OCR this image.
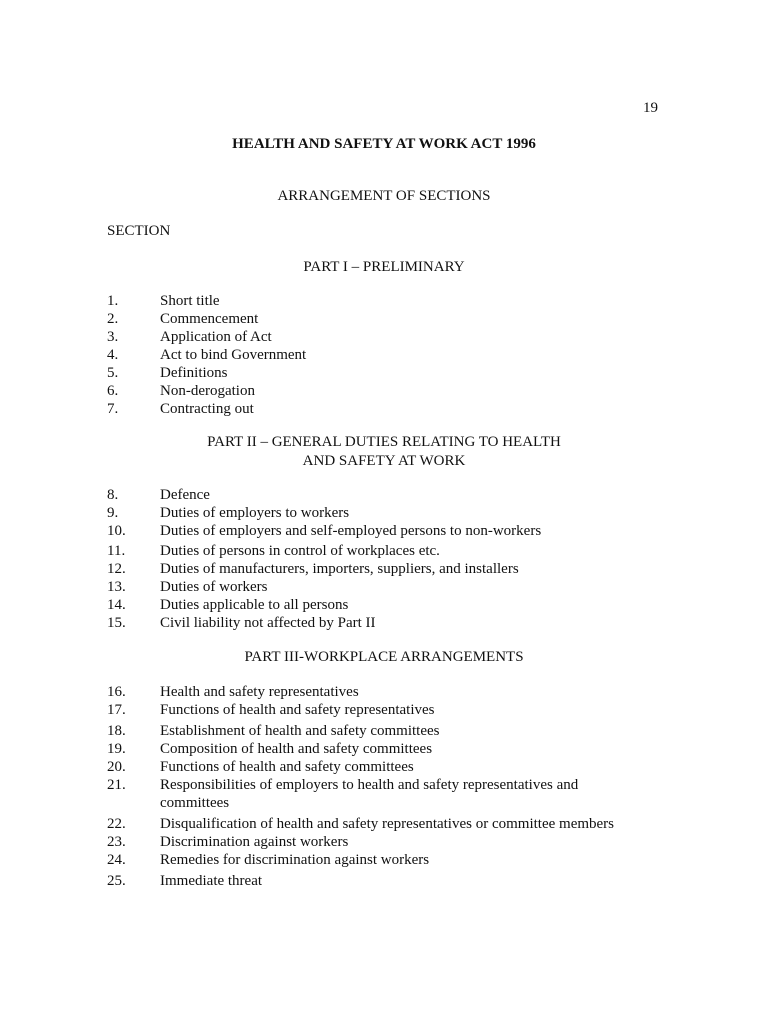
19
HEALTH AND SAFETY AT WORK ACT 1996
ARRANGEMENT OF SECTIONS
SECTION
PART I – PRELIMINARY
1.	Short title
2.	Commencement
3.	Application of Act
4.	Act to bind Government
5.	Definitions
6.	Non-derogation
7.	Contracting out
PART II – GENERAL DUTIES RELATING TO HEALTH
AND SAFETY AT WORK
8.	Defence
9.	Duties of employers to workers
10.	Duties of employers and self-employed persons to non-workers
11.	Duties of persons in control of workplaces etc.
12.	Duties of manufacturers, importers, suppliers, and installers
13.	Duties of workers
14.	Duties applicable to all persons
15.	Civil liability not affected by Part II
PART III-WORKPLACE ARRANGEMENTS
16.	Health and safety representatives
17.	Functions of health and safety representatives
18.	Establishment of health and safety committees
19.	Composition of health and safety committees
20.	Functions of health and safety committees
21.	Responsibilities of employers to health and safety representatives and committees
22.	Disqualification of health and safety representatives or committee members
23.	Discrimination against workers
24.	Remedies for discrimination against workers
25.	Immediate threat
